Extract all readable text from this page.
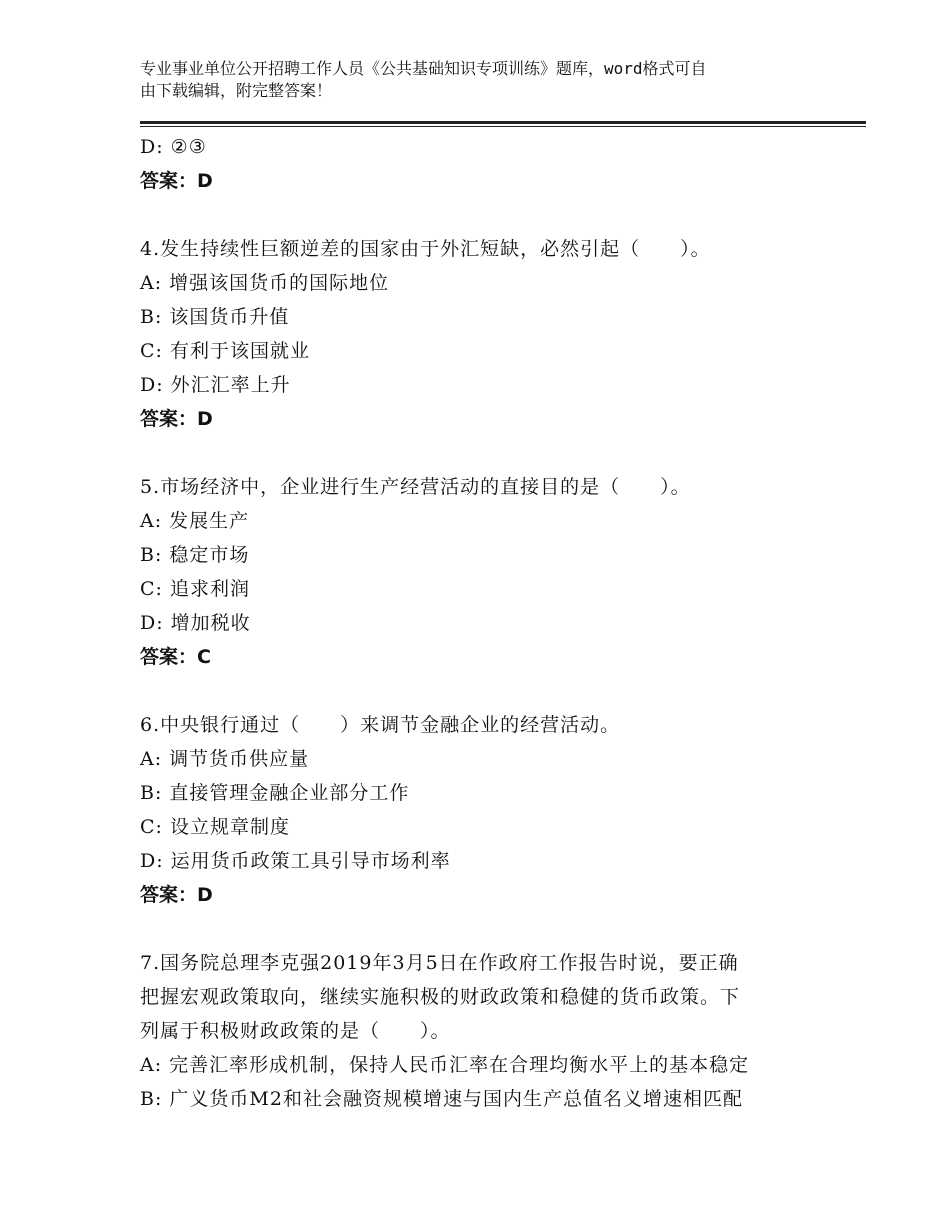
专业事业单位公开招聘工作人员《公共基础知识专项训练》题库，word格式可自
由下载编辑，附完整答案！
D: ②③
答案：D
4.发生持续性巨额逆差的国家由于外汇短缺，必然引起（　　）。
A: 增强该国货币的国际地位
B: 该国货币升值
C: 有利于该国就业
D: 外汇汇率上升
答案：D
5.市场经济中，企业进行生产经营活动的直接目的是（　　）。
A: 发展生产
B: 稳定市场
C: 追求利润
D: 增加税收
答案：C
6.中央银行通过（　　）来调节金融企业的经营活动。
A: 调节货币供应量
B: 直接管理金融企业部分工作
C: 设立规章制度
D: 运用货币政策工具引导市场利率
答案：D
7.国务院总理李克强2019年3月5日在作政府工作报告时说，要正确
把握宏观政策取向，继续实施积极的财政政策和稳健的货币政策。下
列属于积极财政政策的是（　　）。
A: 完善汇率形成机制，保持人民币汇率在合理均衡水平上的基本稳定
B: 广义货币M2和社会融资规模增速与国内生产总值名义增速相匹配
